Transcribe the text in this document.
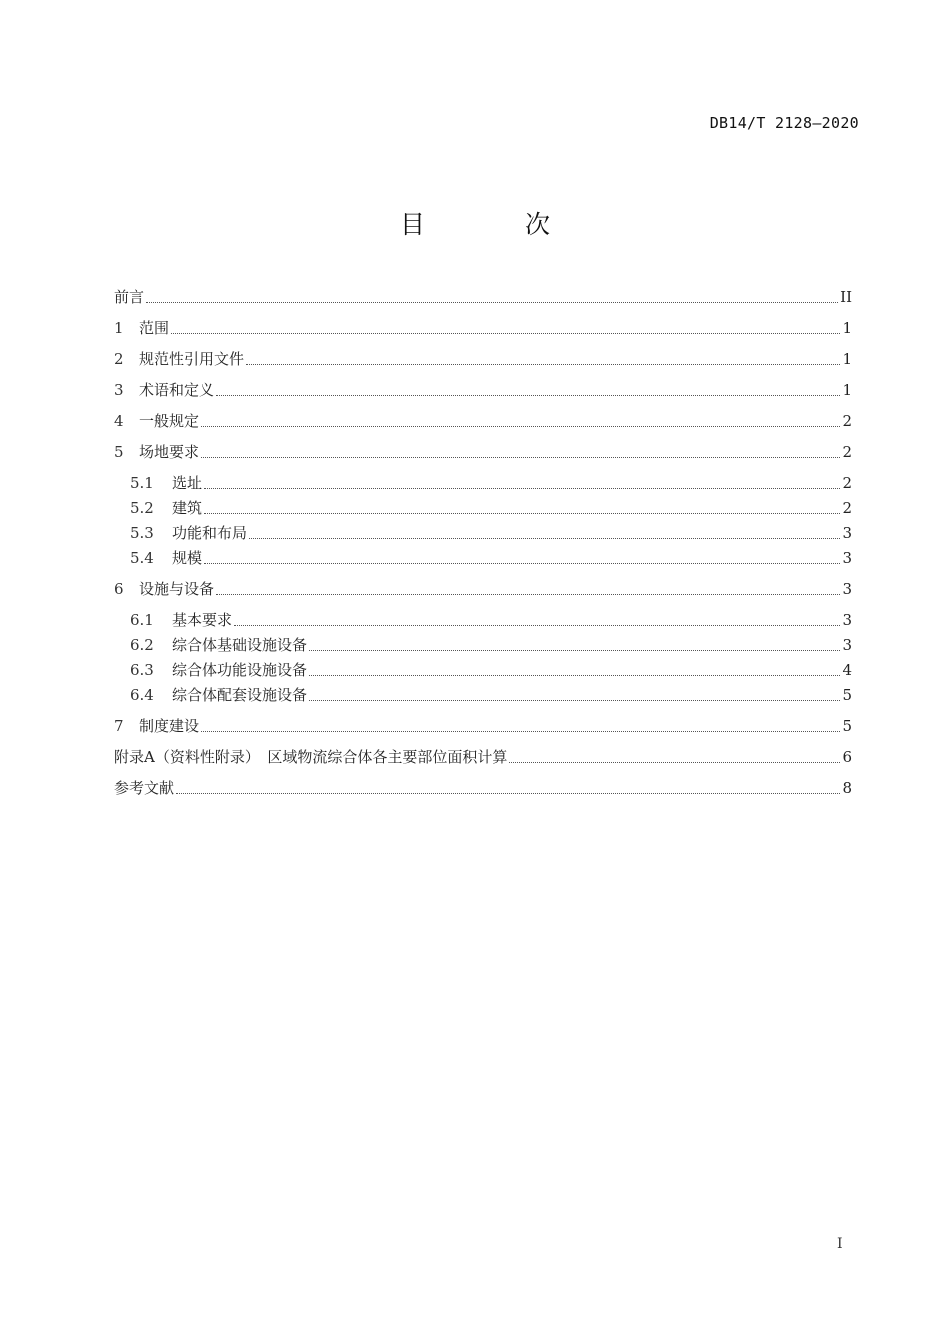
DB14/T 2128—2020
目 次
前言	II
1	范围	1
2	规范性引用文件	1
3	术语和定义	1
4	一般规定	2
5	场地要求	2
5.1	选址	2
5.2	建筑	2
5.3	功能和布局	3
5.4	规模	3
6	设施与设备	3
6.1	基本要求	3
6.2	综合体基础设施设备	3
6.3	综合体功能设施设备	4
6.4	综合体配套设施设备	5
7	制度建设	5
附录A（资料性附录）　区域物流综合体各主要部位面积计算	6
参考文献	8
I
